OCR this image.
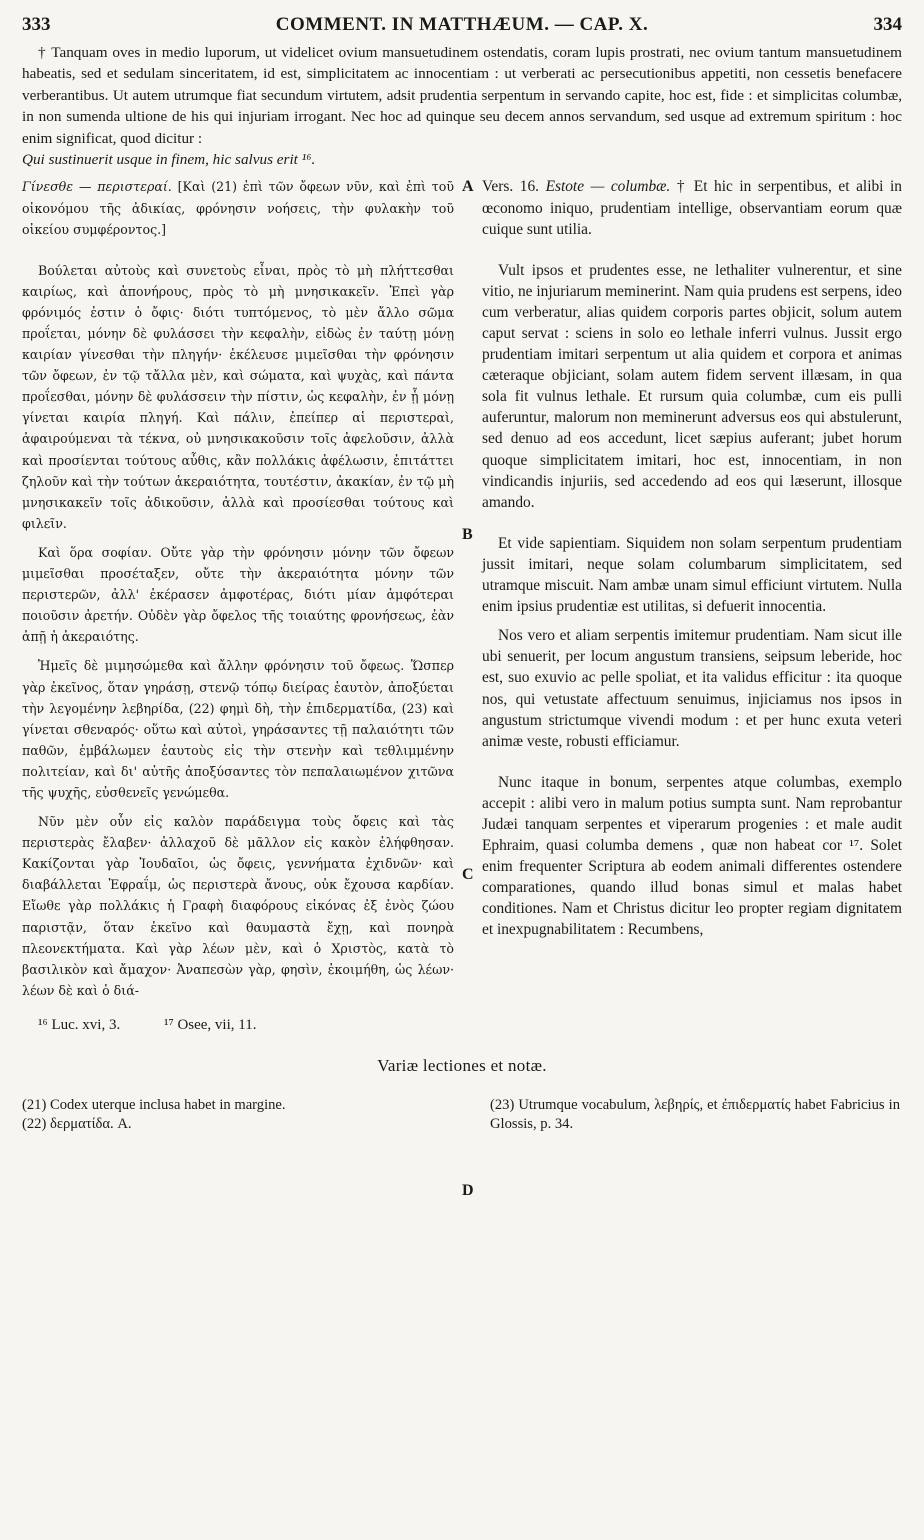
333	COMMENT. IN MATTHÆUM. — CAP. X.	334

† Tanquam oves in medio luporum, ut videlicet ovium mansuetudinem ostendatis, coram lupis prostrati, nec ovium tantum mansuetudinem habeatis, sed et sedulam sinceritatem, id est, simplicitatem ac innocentiam : ut verberati ac persecutionibus appetiti, non cessetis benefacere verberantibus. Ut autem utrumque fiat secundum virtutem, adsit prudentia serpentum in servando capite, hoc est, fide : et simplicitas columbæ, in non sumenda ultione de his qui injuriam irrogant. Nec hoc ad quinque seu decem annos servandum, sed usque ad extremum spiritum : hoc enim significat, quod dicitur :

Qui sustinuerit usque in finem, hic salvus erit ¹⁶.

Γίνεσθε — περιστεραί. [Καὶ (21) ἐπὶ τῶν ὄφεων νῦν, καὶ ἐπὶ τοῦ οἰκονόμου τῆς ἀδικίας, φρόνησιν νοήσεις, τὴν φυλακὴν τοῦ οἰκείου συμφέροντος.]

Βούλεται αὐτοὺς καὶ συνετοὺς εἶναι, πρὸς τὸ μὴ πλήττεσθαι καιρίως, καὶ ἀπονήρους, πρὸς τὸ μὴ μνησικακεῖν. Ἐπεὶ γὰρ φρόνιμός ἐστιν ὁ ὄφις· διότι τυπτόμενος, τὸ μὲν ἄλλο σῶμα προΐεται, μόνην δὲ φυλάσσει τὴν κεφαλὴν, εἰδὼς ἐν ταύτῃ μόνῃ καιρίαν γίνεσθαι τὴν πληγήν· ἐκέλευσε μιμεῖσθαι τὴν φρόνησιν τῶν ὄφεων, ἐν τῷ τἄλλα μὲν, καὶ σώματα, καὶ ψυχὰς, καὶ πάντα προΐεσθαι, μόνην δὲ φυλάσσειν τὴν πίστιν, ὡς κεφαλὴν, ἐν ᾗ μόνῃ γίνεται καιρία πληγή. Καὶ πάλιν, ἐπείπερ αἱ περιστεραὶ, ἀφαιρούμεναι τὰ τέκνα, οὐ μνησικακοῦσιν τοῖς ἀφελοῦσιν, ἀλλὰ καὶ προσίενται τούτους αὖθις, κἂν πολλάκις ἀφέλωσιν, ἐπιτάττει ζηλοῦν καὶ τὴν τούτων ἀκεραιότητα, τουτέστιν, ἀκακίαν, ἐν τῷ μὴ μνησικακεῖν τοῖς ἀδικοῦσιν, ἀλλὰ καὶ προσίεσθαι τούτους καὶ φιλεῖν.

Καὶ ὅρα σοφίαν. Οὔτε γὰρ τὴν φρόνησιν μόνην τῶν ὄφεων μιμεῖσθαι προσέταξεν, οὔτε τὴν ἀκεραιότητα μόνην τῶν περιστερῶν, ἀλλ' ἐκέρασεν ἀμφοτέρας, διότι μίαν ἀμφότεραι ποιοῦσιν ἀρετήν. Οὐδὲν γὰρ ὄφελος τῆς τοιαύτης φρονήσεως, ἐὰν ἀπῇ ἡ ἀκεραιότης.

Ἡμεῖς δὲ μιμησώμεθα καὶ ἄλλην φρόνησιν τοῦ ὄφεως. Ὥσπερ γὰρ ἐκεῖνος, ὅταν γηράσῃ, στενῷ τόπῳ διείρας ἑαυτὸν, ἀποξύεται τὴν λεγομένην λεβηρίδα, (22) φημὶ δὴ, τὴν ἐπιδερματίδα, (23) καὶ γίνεται σθεναρός· οὕτω καὶ αὐτοὶ, γηράσαντες τῇ παλαιότητι τῶν παθῶν, ἐμβάλωμεν ἑαυτοὺς εἰς τὴν στενὴν καὶ τεθλιμμένην πολιτείαν, καὶ δι' αὐτῆς ἀποξύσαντες τὸν πεπαλαιωμένον χιτῶνα τῆς ψυχῆς, εὐσθενεῖς γενώμεθα.

Νῦν μὲν οὖν εἰς καλὸν παράδειγμα τοὺς ὄφεις καὶ τὰς περιστερὰς ἔλαβεν· ἀλλαχοῦ δὲ μᾶλλον εἰς κακὸν ἐλήφθησαν. Κακίζονται γὰρ Ἰουδαῖοι, ὡς ὄφεις, γεννήματα ἐχιδνῶν· καὶ διαβάλλεται Ἐφραΐμ, ὡς περιστερὰ ἄνους, οὐκ ἔχουσα καρδίαν. Εἴωθε γὰρ πολλάκις ἡ Γραφὴ διαφόρους εἰκόνας ἐξ ἑνὸς ζώου παριστᾷν, ὅταν ἐκεῖνο καὶ θαυμαστὰ ἔχῃ, καὶ πονηρὰ πλεονεκτήματα. Καὶ γὰρ λέων μὲν, καὶ ὁ Χριστὸς, κατὰ τὸ βασιλικὸν καὶ ἄμαχον· Ἀναπεσὼν γὰρ, φησὶν, ἐκοιμήθη, ὡς λέων· λέων δὲ καὶ ὁ διά-

A
B
C
D

Vers. 16. Estote — columbæ. † Et hic in serpentibus, et alibi in œconomo iniquo, prudentiam intellige, observantiam eorum quæ cuique sunt utilia.

Vult ipsos et prudentes esse, ne lethaliter vulnerentur, et sine vitio, ne injuriarum meminerint. Nam quia prudens est serpens, ideo cum verberatur, alias quidem corporis partes objicit, solum autem caput servat : sciens in solo eo lethale inferri vulnus. Jussit ergo prudentiam imitari serpentum ut alia quidem et corpora et animas cæteraque objiciant, solam autem fidem servent illæsam, in qua sola fit vulnus lethale. Et rursum quia columbæ, cum eis pulli auferuntur, malorum non meminerunt adversus eos qui abstulerunt, sed denuo ad eos accedunt, licet sæpius auferant; jubet horum quoque simplicitatem imitari, hoc est, innocentiam, in non vindicandis injuriis, sed accedendo ad eos qui læserunt, illosque amando.

Et vide sapientiam. Siquidem non solam serpentum prudentiam jussit imitari, neque solam columbarum simplicitatem, sed utramque miscuit. Nam ambæ unam simul efficiunt virtutem. Nulla enim ipsius prudentiæ est utilitas, si defuerit innocentia.

Nos vero et aliam serpentis imitemur prudentiam. Nam sicut ille ubi senuerit, per locum angustum transiens, seipsum leberide, hoc est, suo exuvio ac pelle spoliat, et ita validus efficitur : ita quoque nos, qui vetustate affectuum senuimus, injiciamus nos ipsos in angustum strictumque vivendi modum : et per hunc exuta veteri animæ veste, robusti efficiamur.

Nunc itaque in bonum, serpentes atque columbas, exemplo accepit : alibi vero in malum potius sumpta sunt. Nam reprobantur Judæi tanquam serpentes et viperarum progenies : et male audit Ephraim, quasi columba demens , quæ non habeat cor ¹⁷. Solet enim frequenter Scriptura ab eodem animali differentes ostendere comparationes, quando illud bonas simul et malas habet conditiones. Nam et Christus dicitur leo propter regiam dignitatem et inexpugnabilitatem : Recumbens,

¹⁶ Luc. xvi, 3.	¹⁷ Osee, vii, 11.
Variæ lectiones et notæ.

(21) Codex uterque inclusa habet in margine.

(22) δερματίδα. A.

(23) Utrumque vocabulum, λεβηρίς, et ἐπιδερματίς habet Fabricius in Glossis, p. 34.
